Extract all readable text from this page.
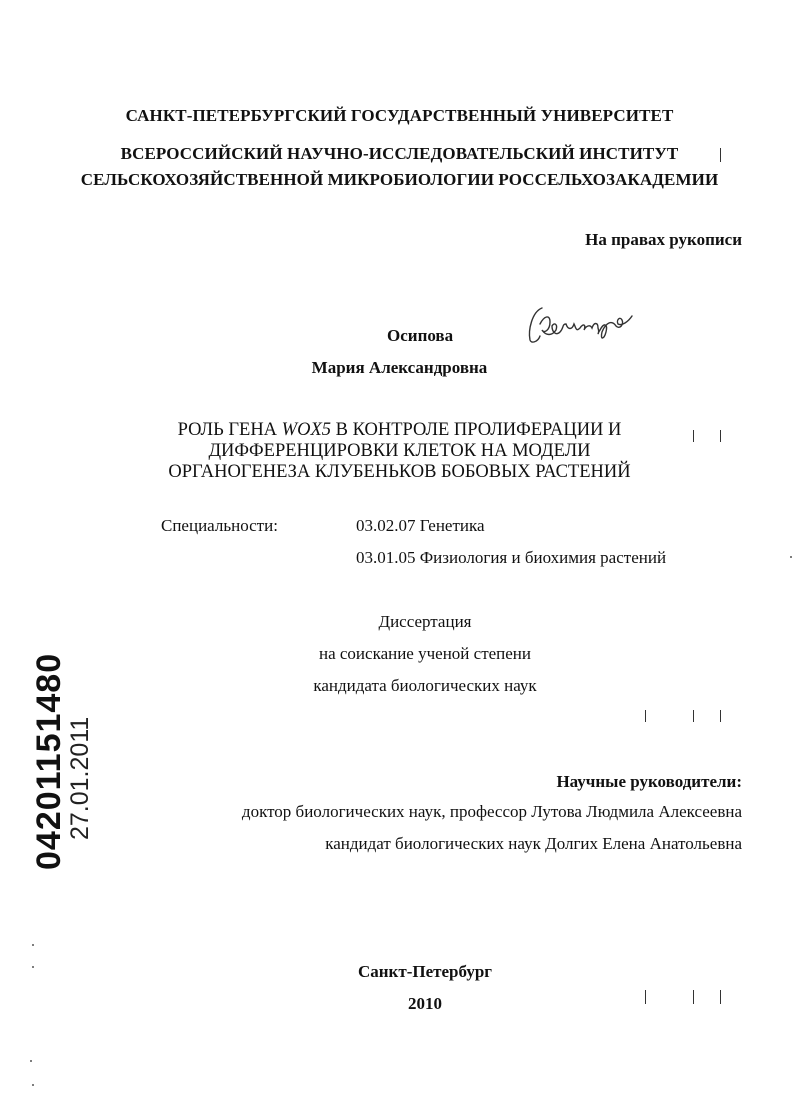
САНКТ-ПЕТЕРБУРГСКИЙ ГОСУДАРСТВЕННЫЙ УНИВЕРСИТЕТ
ВСЕРОССИЙСКИЙ НАУЧНО-ИССЛЕДОВАТЕЛЬСКИЙ ИНСТИТУТ
СЕЛЬСКОХОЗЯЙСТВЕННОЙ МИКРОБИОЛОГИИ РОССЕЛЬХОЗАКАДЕМИИ
На правах рукописи
Осипова
Мария Александровна
РОЛЬ ГЕНА WOX5 В КОНТРОЛЕ ПРОЛИФЕРАЦИИ И
ДИФФЕРЕНЦИРОВКИ КЛЕТОК НА МОДЕЛИ
ОРГАНОГЕНЕЗА КЛУБЕНЬКОВ БОБОВЫХ РАСТЕНИЙ
Специальности:	03.02.07 Генетика
03.01.05 Физиология и биохимия растений
Диссертация
на соискание ученой степени
кандидата биологических наук
Научные руководители:
доктор биологических наук, профессор Лутова Людмила Алексеевна
кандидат биологических наук Долгих Елена Анатольевна
Санкт-Петербург
2010
04201151480
27.01.2011
